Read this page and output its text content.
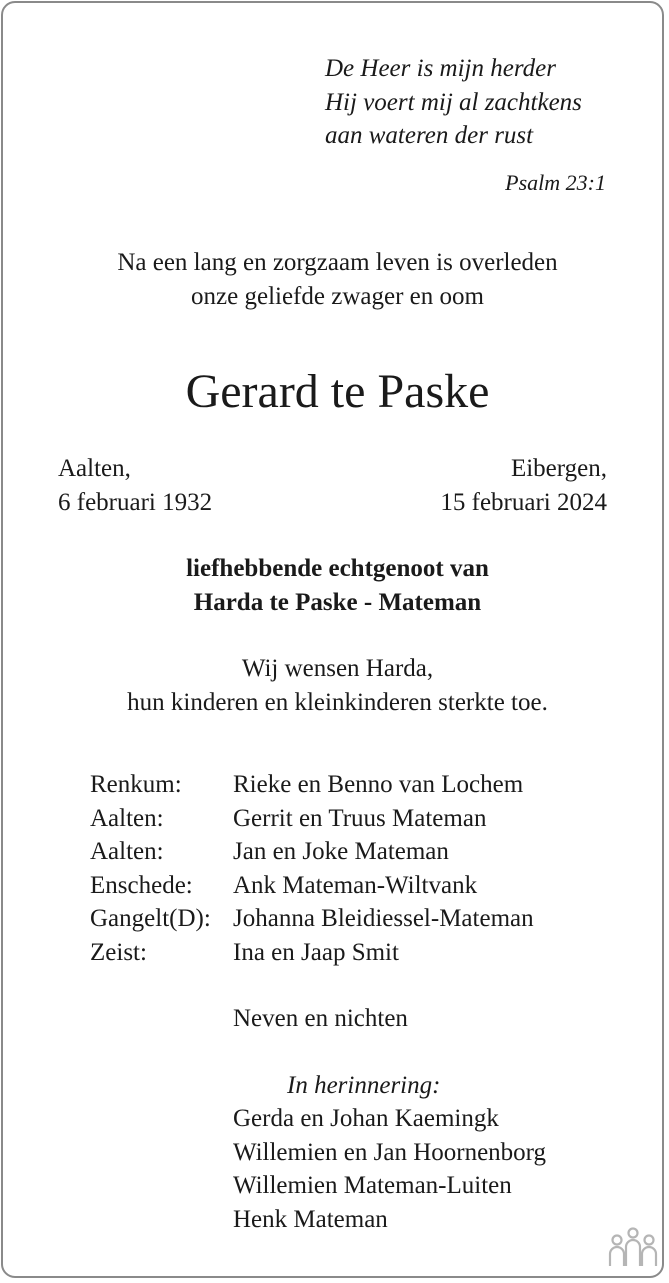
De Heer is mijn herder
Hij voert mij al zachtkens
aan wateren der rust
Psalm 23:1
Na een lang en zorgzaam leven is overleden
onze geliefde zwager en oom
Gerard te Paske
Aalten,
6 februari 1932
Eibergen,
15 februari 2024
liefhebbende echtgenoot van
Harda te Paske - Mateman
Wij wensen Harda,
hun kinderen en kleinkinderen sterkte toe.
Renkum:	Rieke en Benno van Lochem
Aalten:	Gerrit en Truus Mateman
Aalten:	Jan en Joke Mateman
Enschede:	Ank Mateman-Wiltvank
Gangelt(D): Johanna Bleidiessel-Mateman
Zeist:	Ina en Jaap Smit
Neven en nichten
In herinnering:
Gerda en Johan Kaemingk
Willemien en Jan Hoornenborg
Willemien Mateman-Luiten
Henk Mateman
